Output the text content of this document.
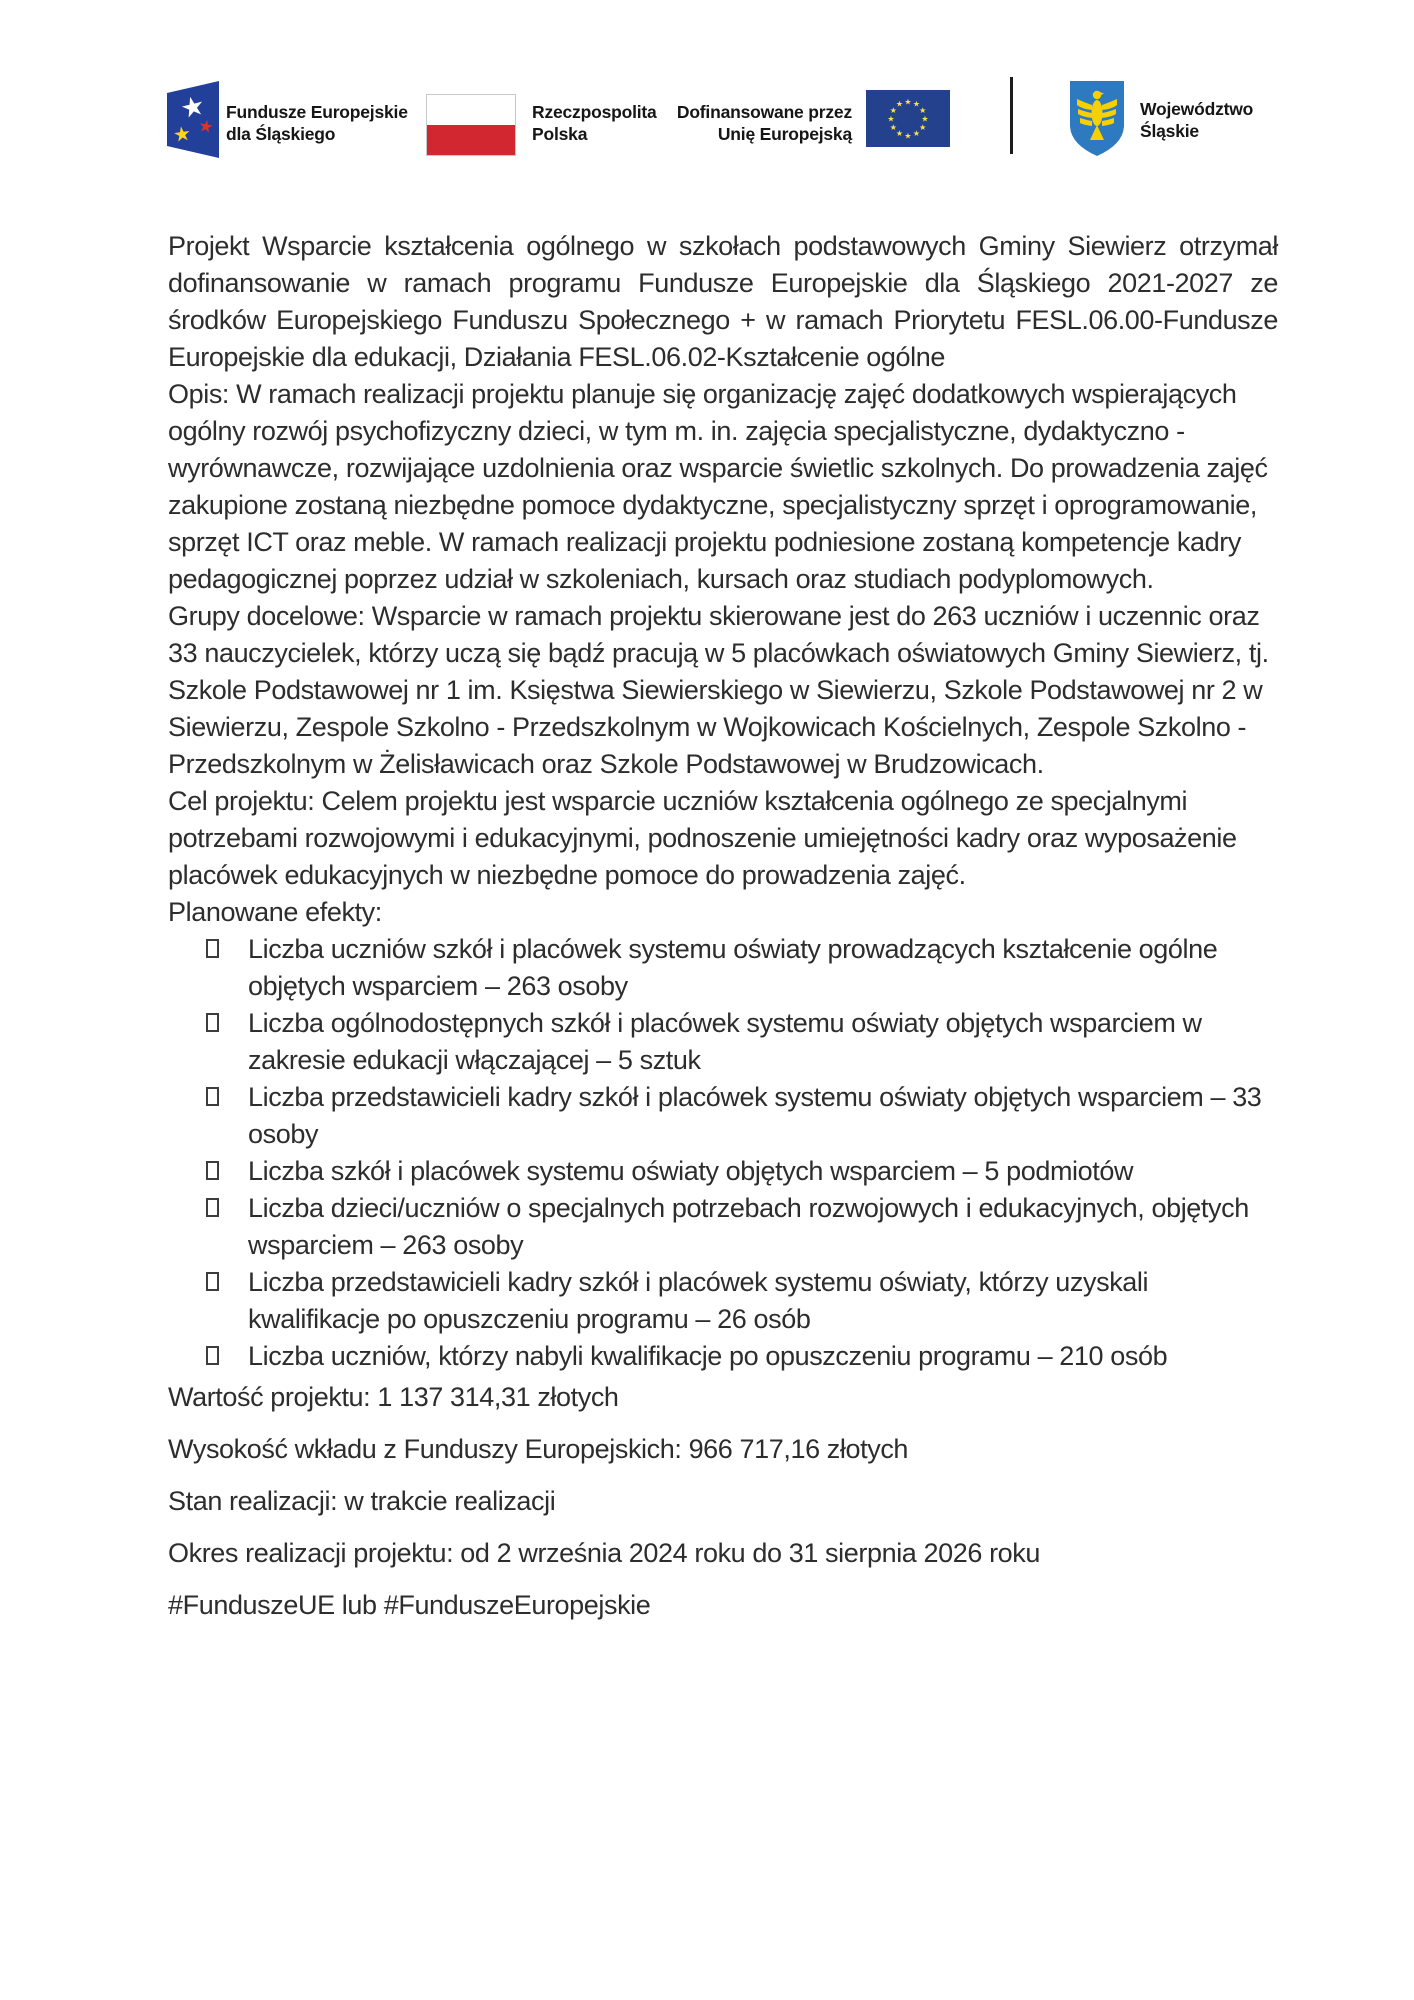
★
★
★
Fundusze Europejskie
dla Śląskiego
Rzeczpospolita
Polska
Dofinansowane przez
Unię Europejską
★ ★
★
★
★
★
★
★
★
★
★
★	Województwo
Śląskie

Projekt Wsparcie kształcenia ogólnego w szkołach podstawowych Gminy Siewierz otrzymał dofinansowanie w ramach programu Fundusze Europejskie dla Śląskiego 2021-2027 ze środków Europejskiego Funduszu Społecznego + w ramach Priorytetu FESL.06.00-Fundusze Europejskie dla edukacji, Działania FESL.06.02-Kształcenie ogólne

Opis: W ramach realizacji projektu planuje się organizację zajęć dodatkowych wspierających ogólny rozwój psychofizyczny dzieci, w tym m. in. zajęcia specjalistyczne, dydaktyczno - wyrównawcze, rozwijające uzdolnienia oraz wsparcie świetlic szkolnych. Do prowadzenia zajęć zakupione zostaną niezbędne pomoce dydaktyczne, specjalistyczny sprzęt i oprogramowanie, sprzęt ICT oraz meble. W ramach realizacji projektu podniesione zostaną kompetencje kadry pedagogicznej poprzez udział w szkoleniach, kursach oraz studiach podyplomowych.

Grupy docelowe: Wsparcie w ramach projektu skierowane jest do 263 uczniów i uczennic oraz 33 nauczycielek, którzy uczą się bądź pracują w 5 placówkach oświatowych Gminy Siewierz, tj. Szkole Podstawowej nr 1 im. Księstwa Siewierskiego w Siewierzu, Szkole Podstawowej nr 2 w Siewierzu, Zespole Szkolno - Przedszkolnym w Wojkowicach Kościelnych, Zespole Szkolno - Przedszkolnym w Żelisławicach oraz Szkole Podstawowej w Brudzowicach.

Cel projektu: Celem projektu jest wsparcie uczniów kształcenia ogólnego ze specjalnymi potrzebami rozwojowymi i edukacyjnymi, podnoszenie umiejętności kadry oraz wyposażenie placówek edukacyjnych w niezbędne pomoce do prowadzenia zajęć.

Planowane efekty:

Liczba uczniów szkół i placówek systemu oświaty prowadzących kształcenie ogólne objętych wsparciem – 263 osoby
Liczba ogólnodostępnych szkół i placówek systemu oświaty objętych wsparciem w zakresie edukacji włączającej – 5 sztuk
Liczba przedstawicieli kadry szkół i placówek systemu oświaty objętych wsparciem – 33 osoby
Liczba szkół i placówek systemu oświaty objętych wsparciem – 5 podmiotów
Liczba dzieci/uczniów o specjalnych potrzebach rozwojowych i edukacyjnych, objętych wsparciem – 263 osoby
Liczba przedstawicieli kadry szkół i placówek systemu oświaty, którzy uzyskali kwalifikacje po opuszczeniu programu – 26 osób
Liczba uczniów, którzy nabyli kwalifikacje po opuszczeniu programu – 210 osób
Wartość projektu: 1 137 314,31 złotych
Wysokość wkładu z Funduszy Europejskich: 966 717,16 złotych
Stan realizacji: w trakcie realizacji
Okres realizacji projektu: od 2 września 2024 roku do 31 sierpnia 2026 roku
#FunduszeUE lub #FunduszeEuropejskie
